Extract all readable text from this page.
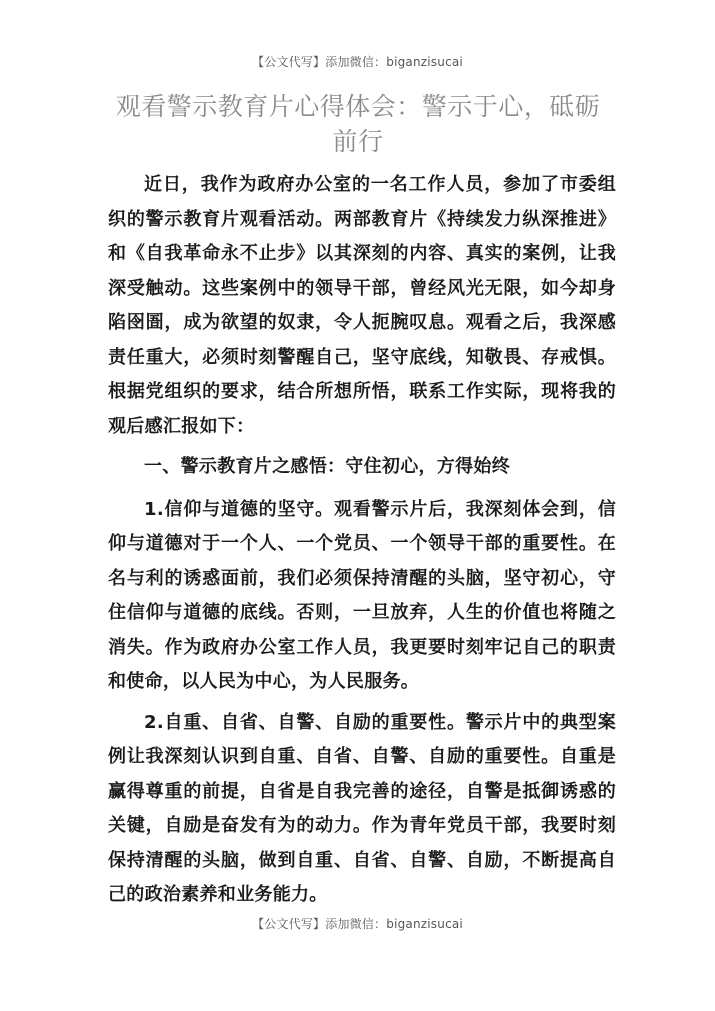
【公文代写】添加微信：biganzisucai
观看警示教育片心得体会：警示于心，砥砺前行

近日，我作为政府办公室的一名工作人员，参加了市委组织的警示教育片观看活动。两部教育片《持续发力纵深推进》和《自我革命永不止步》以其深刻的内容、真实的案例，让我深受触动。这些案例中的领导干部，曾经风光无限，如今却身陷囹圄，成为欲望的奴隶，令人扼腕叹息。观看之后，我深感责任重大，必须时刻警醒自己，坚守底线，知敬畏、存戒惧。根据党组织的要求，结合所想所悟，联系工作实际，现将我的观后感汇报如下：

一、警示教育片之感悟：守住初心，方得始终

1.信仰与道德的坚守。观看警示片后，我深刻体会到，信仰与道德对于一个人、一个党员、一个领导干部的重要性。在名与利的诱惑面前，我们必须保持清醒的头脑，坚守初心，守住信仰与道德的底线。否则，一旦放弃，人生的价值也将随之消失。作为政府办公室工作人员，我更要时刻牢记自己的职责和使命，以人民为中心，为人民服务。

2.自重、自省、自警、自励的重要性。警示片中的典型案例让我深刻认识到自重、自省、自警、自励的重要性。自重是赢得尊重的前提，自省是自我完善的途径，自警是抵御诱惑的关键，自励是奋发有为的动力。作为青年党员干部，我要时刻保持清醒的头脑，做到自重、自省、自警、自励，不断提高自己的政治素养和业务能力。

【公文代写】添加微信：biganzisucai
